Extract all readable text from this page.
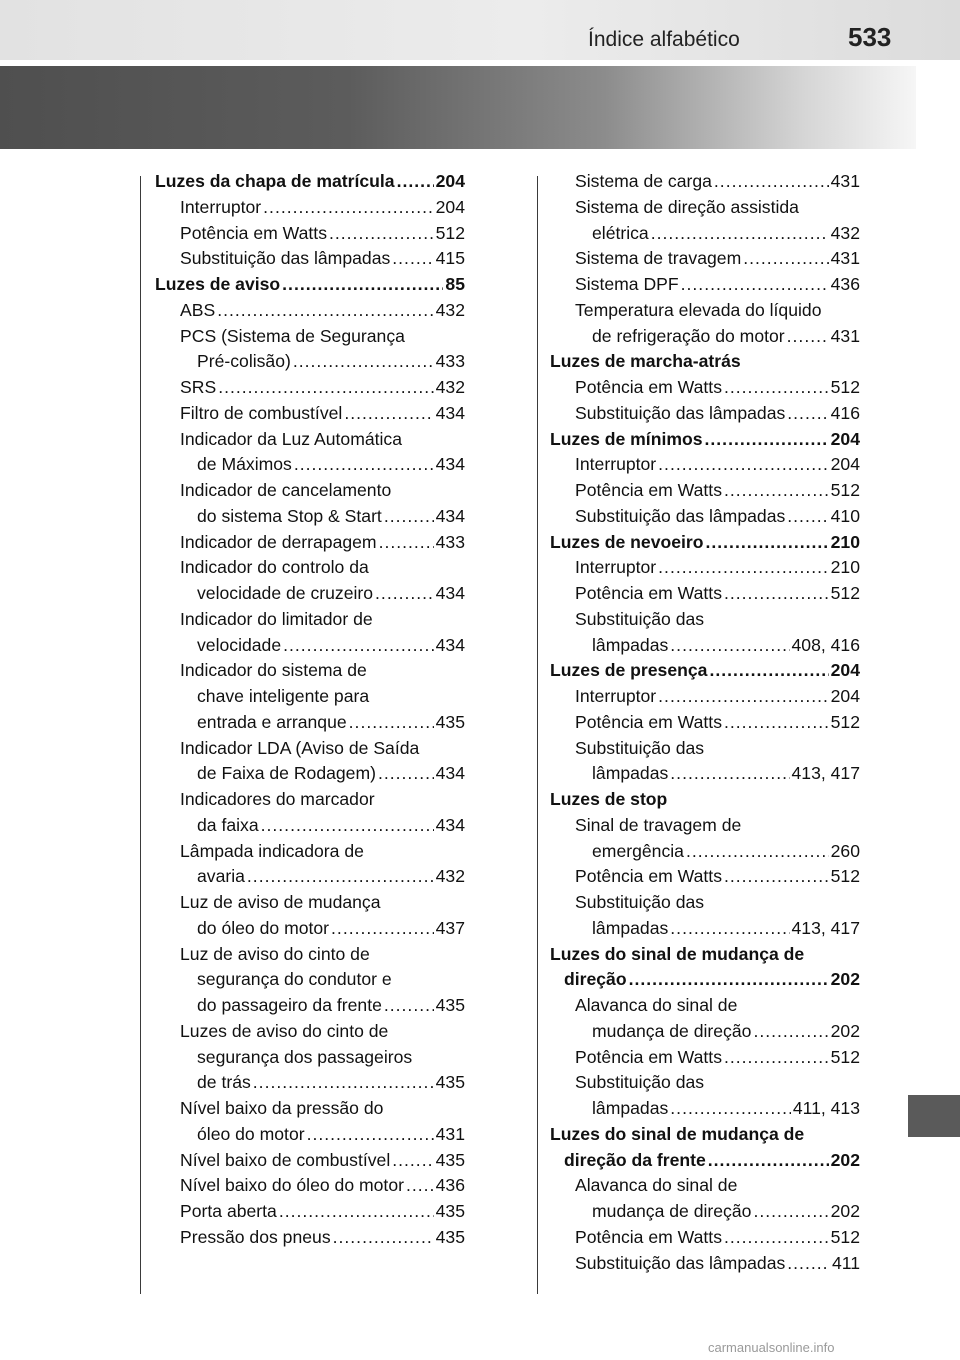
Índice alfabético	533
Luzes da chapa de matrícula ..... 204
Interruptor .....	204
Potência em Watts .....	512
Substituição das lâmpadas .....	415
Luzes de aviso .....	85
ABS .....	432
PCS (Sistema de Segurança
Pré-colisão) .....	433
SRS .....	432
Filtro de combustível .....	434
Indicador da Luz Automática
de Máximos .....	434
Indicador de cancelamento
do sistema Stop & Start .....	434
Indicador de derrapagem .....	433
Indicador do controlo da
velocidade de cruzeiro .....	434
Indicador do limitador de
velocidade .....	434
Indicador do sistema de
chave inteligente para
entrada e arranque .....	435
Indicador LDA (Aviso de Saída
de Faixa de Rodagem) .....	434
Indicadores do marcador
da faixa .....	434
Lâmpada indicadora de
avaria .....	432
Luz de aviso de mudança
do óleo do motor .....	437
Luz de aviso do cinto de
segurança do condutor e
do passageiro da frente .....	435
Luzes de aviso do cinto de
segurança dos passageiros
de trás .....	435
Nível baixo da pressão do
óleo do motor .....	431
Nível baixo de combustível .....	435
Nível baixo do óleo do motor ..... 436
Porta aberta .....	435
Pressão dos pneus .....	435
Sistema de carga .....	431
Sistema de direção assistida
elétrica .....	432
Sistema de travagem .....	431
Sistema DPF .....	436
Temperatura elevada do líquido
de refrigeração do motor .....	431
Luzes de marcha-atrás
Potência em Watts .....	512
Substituição das lâmpadas .....	416
Luzes de mínimos .....	204
Interruptor .....	204
Potência em Watts .....	512
Substituição das lâmpadas .....	410
Luzes de nevoeiro .....	210
Interruptor .....	210
Potência em Watts .....	512
Substituição das
lâmpadas .....	408, 416
Luzes de presença .....	204
Interruptor .....	204
Potência em Watts .....	512
Substituição das
lâmpadas .....	413, 417
Luzes de stop
Sinal de travagem de
emergência .....	260
Potência em Watts .....	512
Substituição das
lâmpadas .....	413, 417
Luzes do sinal de mudança de
direção .....	202
Alavanca do sinal de
mudança de direção .....	202
Potência em Watts .....	512
Substituição das
lâmpadas .....	411, 413
Luzes do sinal de mudança de
direção da frente .....	202
Alavanca do sinal de
mudança de direção .....	202
Potência em Watts .....	512
Substituição das lâmpadas .....	411
carmanualsonline.info
